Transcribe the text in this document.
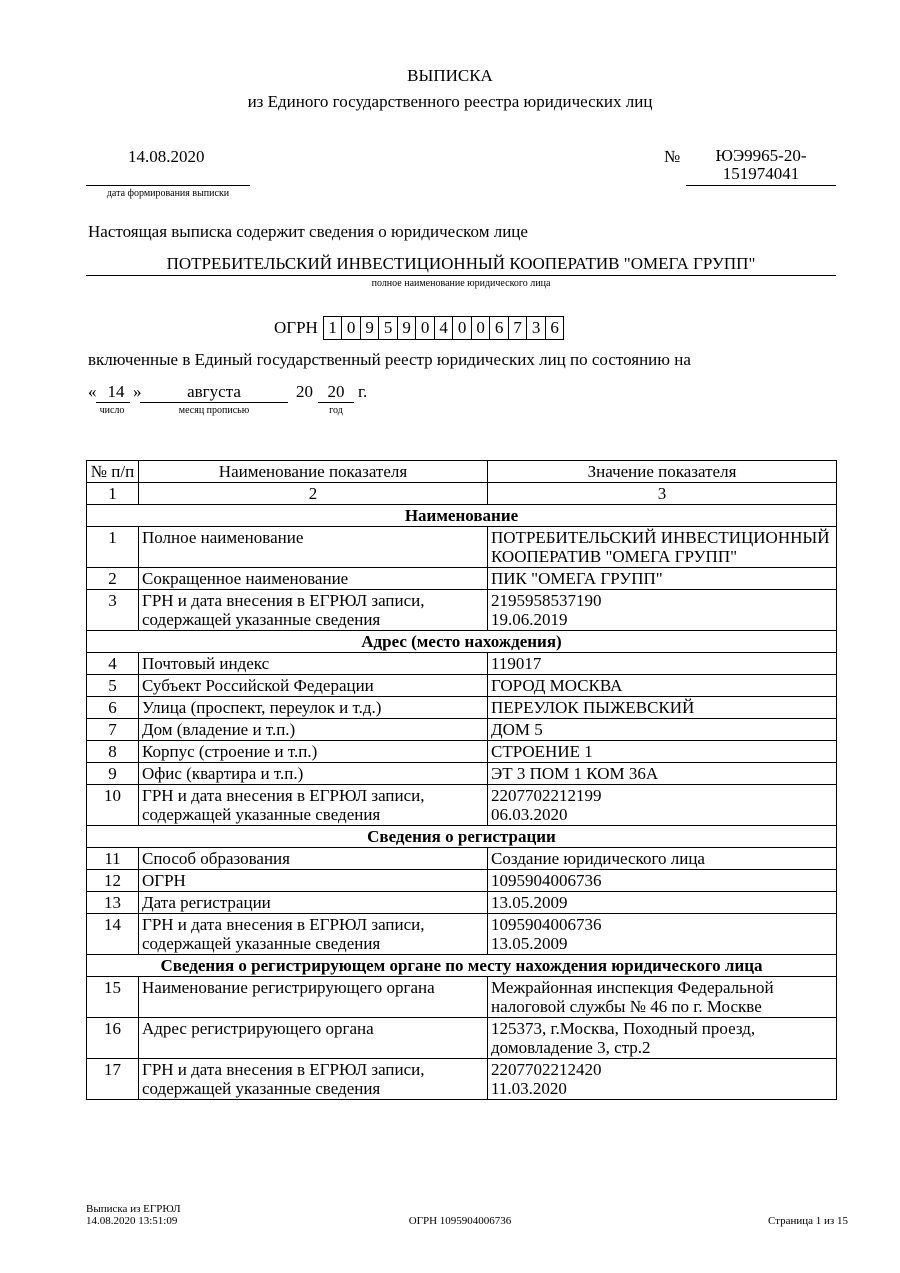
ВЫПИСКА
из Единого государственного реестра юридических лиц
14.08.2020
дата формирования выписки
№	ЮЭ9965-20-
151974041
Настоящая выписка содержит сведения о юридическом лице
ПОТРЕБИТЕЛЬСКИЙ ИНВЕСТИЦИОННЫЙ КООПЕРАТИВ "ОМЕГА ГРУПП"
полное наименование юридического лица
ОГРН 1 0 9 5 9 0 4 0 0 6 7 3 6
включенные в Единый государственный реестр юридических лиц по состоянию на
« 14 »	августа	20 20 г.
число	месяц прописью	год
№ п/п	Наименование показателя	Значение показателя
1	2	3
Наименование		
1	Полное наименование	ПОТРЕБИТЕЛЬСКИЙ ИНВЕСТИЦИОННЫЙ КООПЕРАТИВ "ОМЕГА ГРУПП"
2	Сокращенное наименование	ПИК "ОМЕГА ГРУПП"
3	ГРН и дата внесения в ЕГРЮЛ записи, содержащей указанные сведения	2195958537190
19.06.2019
Адрес (место нахождения)		
4	Почтовый индекс	119017
5	Субъект Российской Федерации	ГОРОД МОСКВА
6	Улица (проспект, переулок и т.д.)	ПЕРЕУЛОК ПЫЖЕВСКИЙ
7	Дом (владение и т.п.)	ДОМ 5
8	Корпус (строение и т.п.)	СТРОЕНИЕ 1
9	Офис (квартира и т.п.)	ЭТ 3 ПОМ 1 КОМ 36А
10	ГРН и дата внесения в ЕГРЮЛ записи, содержащей указанные сведения	2207702212199
06.03.2020
Сведения о регистрации		
11	Способ образования	Создание юридического лица
12	ОГРН	1095904006736
13	Дата регистрации	13.05.2009
14	ГРН и дата внесения в ЕГРЮЛ записи, содержащей указанные сведения	1095904006736
13.05.2009
Сведения о регистрирующем органе по месту нахождения юридического лица		
15	Наименование регистрирующего органа	Межрайонная инспекция Федеральной налоговой службы № 46 по г. Москве
16	Адрес регистрирующего органа	125373, г.Москва, Походный проезд, домовладение 3, стр.2
17	ГРН и дата внесения в ЕГРЮЛ записи, содержащей указанные сведения	2207702212420
11.03.2020
Выписка из ЕГРЮЛ
14.08.2020 13:51:09	ОГРН 1095904006736	Страница 1 из 15
